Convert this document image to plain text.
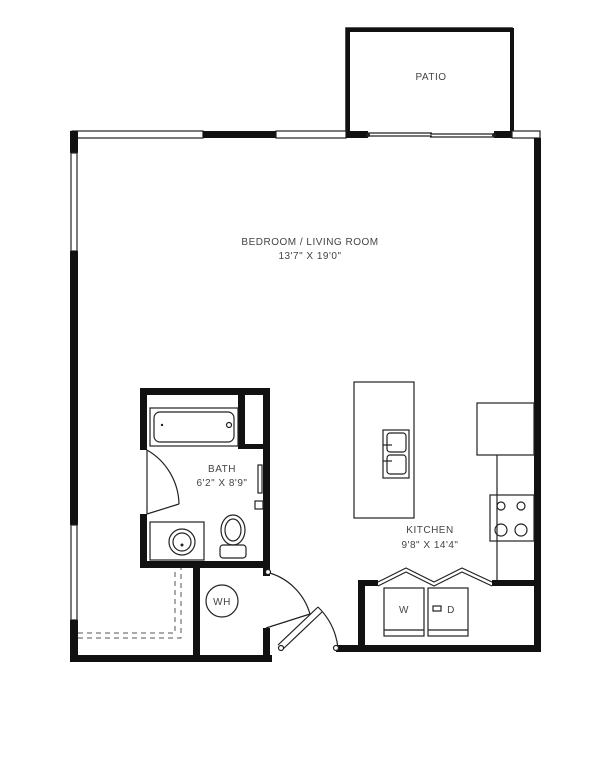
PATIO
BEDROOM / LIVING ROOM
13'7" X 19'0"
BATH
6'2" X 8'9"
WH
KITCHEN
9'8" X 14'4"
W	D
